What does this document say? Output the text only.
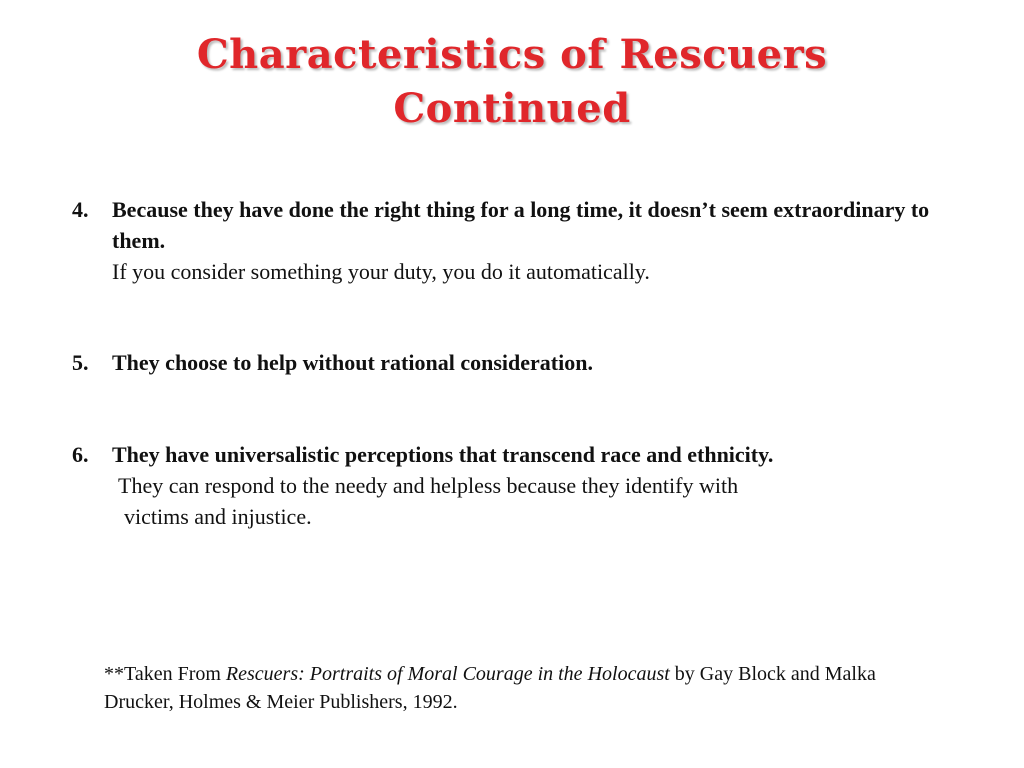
Characteristics of Rescuers
Continued
4. Because they have done the right thing for a long time, it doesn’t seem extraordinary to them.
If you consider something your duty, you do it automatically.
5. They choose to help without rational consideration.
6. They have universalistic perceptions that transcend race and ethnicity.
They can respond to the needy and helpless because they identify with
victims and injustice.
**Taken From Rescuers: Portraits of Moral Courage in the Holocaust by Gay Block and Malka Drucker, Holmes & Meier Publishers, 1992.
